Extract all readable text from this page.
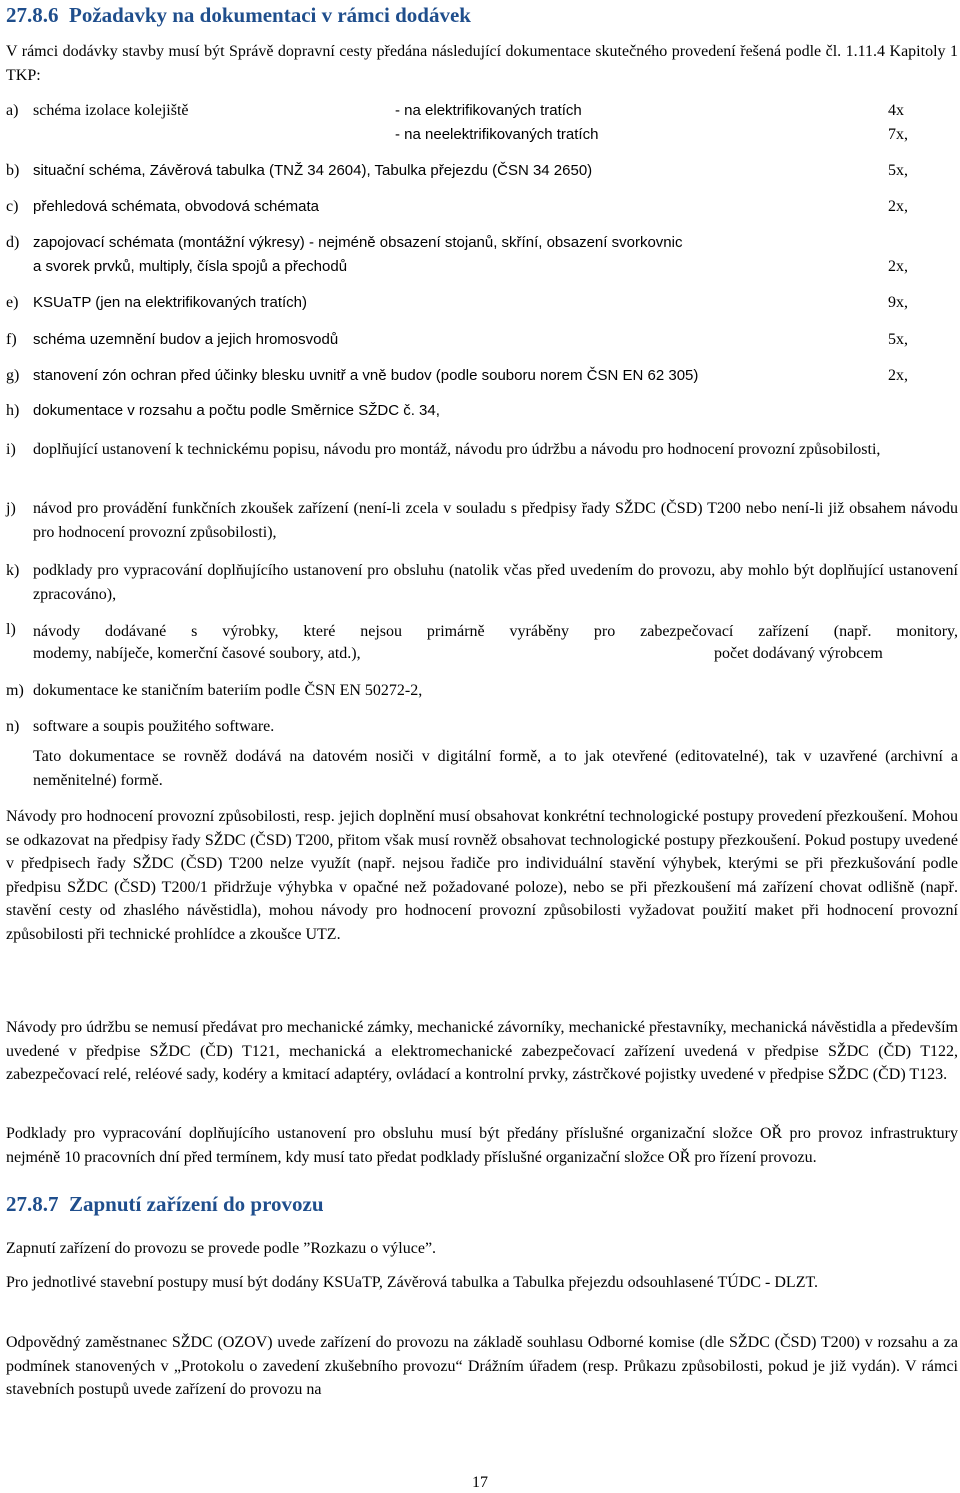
27.8.6 Požadavky na dokumentaci v rámci dodávek
V rámci dodávky stavby musí být Správě dopravní cesty předána následující dokumentace skutečného provedení řešená podle čl. 1.11.4 Kapitoly 1 TKP:
a) schéma izolace kolejiště	- na elektrifikovaných tratích	4x
- na neelektrifikovaných tratích	7x,
b) situační schéma, Závěrová tabulka (TNŽ 34 2604), Tabulka přejezdu (ČSN 34 2650)	5x,
c) přehledová schémata, obvodová schémata	2x,
d) zapojovací schémata (montážní výkresy) - nejméně obsazení stojanů, skříní, obsazení svorkovnic
a svorek prvků, multiply, čísla spojů a přechodů	2x,
e) KSUaTP (jen na elektrifikovaných tratích)	9x,
f) schéma uzemnění budov a jejich hromosvodů	5x,
g) stanovení zón ochran před účinky blesku uvnitř a vně budov (podle souboru norem ČSN EN 62 305)	2x,
h) dokumentace v rozsahu a počtu podle Směrnice SŽDC č. 34,
i) doplňující ustanovení k technickému popisu, návodu pro montáž, návodu pro údržbu a návodu pro hodnocení provozní způsobilosti,
j) návod pro provádění funkčních zkoušek zařízení (není-li zcela v souladu s předpisy řady SŽDC (ČSD) T200 nebo není-li již obsahem návodu pro hodnocení provozní způsobilosti),
k) podklady pro vypracování doplňujícího ustanovení pro obsluhu (natolik včas před uvedením do provozu, aby mohlo být doplňující ustanovení zpracováno),
l) návody dodávané s výrobky, které nejsou primárně vyráběny pro zabezpečovací zařízení (např. monitory,
modemy, nabíječe, komerční časové soubory, atd.),	počet dodávaný výrobcem
m) dokumentace ke staničním bateriím podle ČSN EN 50272-2,
n) software a soupis použitého software.
Tato dokumentace se rovněž dodává na datovém nosiči v digitální formě, a to jak otevřené (editovatelné), tak v uzavřené (archivní a neměnitelné) formě.
Návody pro hodnocení provozní způsobilosti, resp. jejich doplnění musí obsahovat konkrétní technologické postupy provedení přezkoušení. Mohou se odkazovat na předpisy řady SŽDC (ČSD) T200, přitom však musí rovněž obsahovat technologické postupy přezkoušení. Pokud postupy uvedené v předpisech řady SŽDC (ČSD) T200 nelze využít (např. nejsou řadiče pro individuální stavění výhybek, kterými se při přezkušování podle předpisu SŽDC (ČSD) T200/1 přidržuje výhybka v opačné než požadované poloze), nebo se při přezkoušení má zařízení chovat odlišně (např. stavění cesty od zhaslého návěstidla), mohou návody pro hodnocení provozní způsobilosti vyžadovat použití maket při hodnocení provozní způsobilosti při technické prohlídce a zkoušce UTZ.
Návody pro údržbu se nemusí předávat pro mechanické zámky, mechanické závorníky, mechanické přestavníky, mechanická návěstidla a především uvedené v předpise SŽDC (ČD) T121, mechanická a elektromechanické zabezpečovací zařízení uvedená v předpise SŽDC (ČD) T122, zabezpečovací relé, reléové sady, kodéry a kmitací adaptéry, ovládací a kontrolní prvky, zástrčkové pojistky uvedené v předpise SŽDC (ČD) T123.
Podklady pro vypracování doplňujícího ustanovení pro obsluhu musí být předány příslušné organizační složce OŘ pro provoz infrastruktury nejméně 10 pracovních dní před termínem, kdy musí tato předat podklady příslušné organizační složce OŘ pro řízení provozu.
27.8.7 Zapnutí zařízení do provozu
Zapnutí zařízení do provozu se provede podle ”Rozkazu o výluce”.
Pro jednotlivé stavební postupy musí být dodány KSUaTP, Závěrová tabulka a Tabulka přejezdu odsouhlasené TÚDC - DLZT.
Odpovědný zaměstnanec SŽDC (OZOV) uvede zařízení do provozu na základě souhlasu Odborné komise (dle SŽDC (ČSD) T200) v rozsahu a za podmínek stanovených v „Protokolu o zavedení zkušebního provozu“ Drážním úřadem (resp. Průkazu způsobilosti, pokud je již vydán). V rámci stavebních postupů uvede zařízení do provozu na
17
